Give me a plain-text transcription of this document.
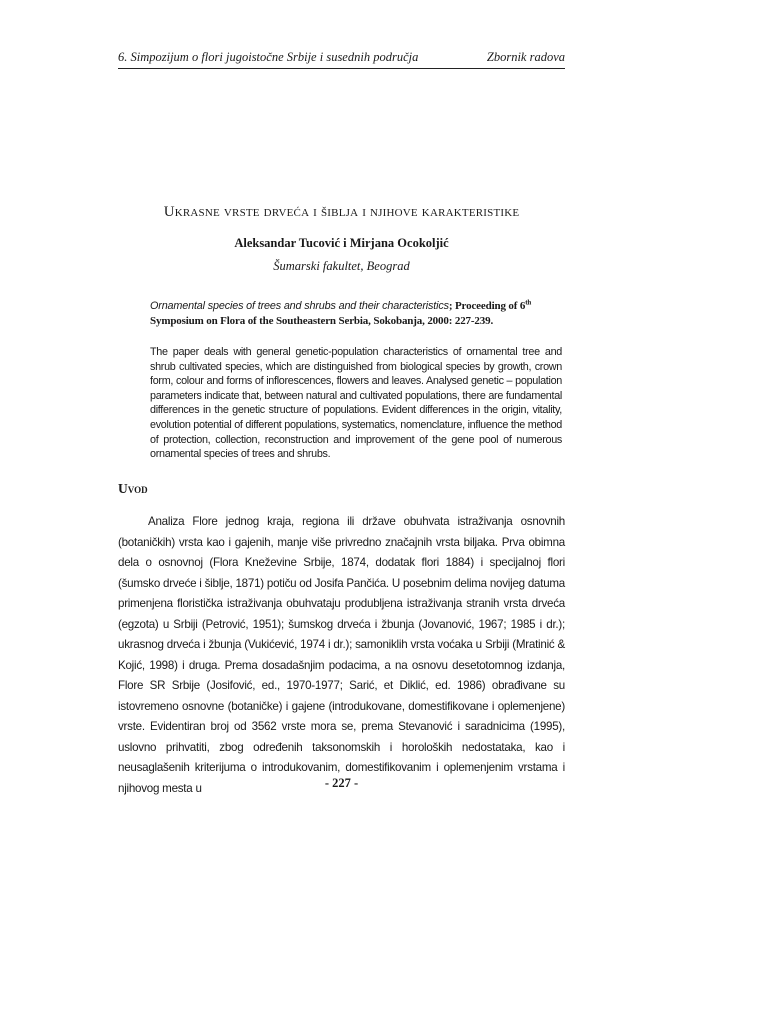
6. Simpozijum o flori jugoistočne Srbije i susednih područja	Zbornik radova
Ukrasne vrste drveća i šiblja i njihove karakteristike
Aleksandar Tucović i Mirjana Ocokoljić
Šumarski fakultet, Beograd
Ornamental species of trees and shrubs and their characteristics; Proceeding of 6th Symposium on Flora of the Southeastern Serbia, Sokobanja, 2000: 227-239.
The paper deals with general genetic-population characteristics of ornamental tree and shrub cultivated species, which are distinguished from biological species by growth, crown form, colour and forms of inflorescences, flowers and leaves. Analysed genetic – population parameters indicate that, between natural and cultivated populations, there are fundamental differences in the genetic structure of populations. Evident differences in the origin, vitality, evolution potential of different populations, systematics, nomenclature, influence the method of protection, collection, reconstruction and improvement of the gene pool of numerous ornamental species of trees and shrubs.
Uvod
Analiza Flore jednog kraja, regiona ili države obuhvata istraživanja osnovnih (botaničkih) vrsta kao i gajenih, manje više privredno značajnih vrsta biljaka. Prva obimna dela o osnovnoj (Flora Kneževine Srbije, 1874, dodatak flori 1884) i specijalnoj flori (šumsko drveće i šiblje, 1871) potiču od Josifa Pančića. U posebnim delima novijeg datuma primenjena floristička istraživanja obuhvataju produbljena istraživanja stranih vrsta drveća (egzota) u Srbiji (Petrović, 1951); šumskog drveća i žbunja (Jovanović, 1967; 1985 i dr.); ukrasnog drveća i žbunja (Vukićević, 1974 i dr.); samoniklih vrsta voćaka u Srbiji (Mratinić & Kojić, 1998) i druga. Prema dosadašnjim podacima, a na osnovu desetotomnog izdanja, Flore SR Srbije (Josifović, ed., 1970-1977; Sarić, et Diklić, ed. 1986) obrađivane su istovremeno osnovne (botaničke) i gajene (introdukovane, domestifikovane i oplemenjene) vrste. Evidentiran broj od 3562 vrste mora se, prema Stevanović i saradnicima (1995), uslovno prihvatiti, zbog određenih taksonomskih i horoloških nedostataka, kao i neusaglašenih kriterijuma o introdukovanim, domestifikovanim i oplemenjenim vrstama i njihovog mesta u	- 227 -
